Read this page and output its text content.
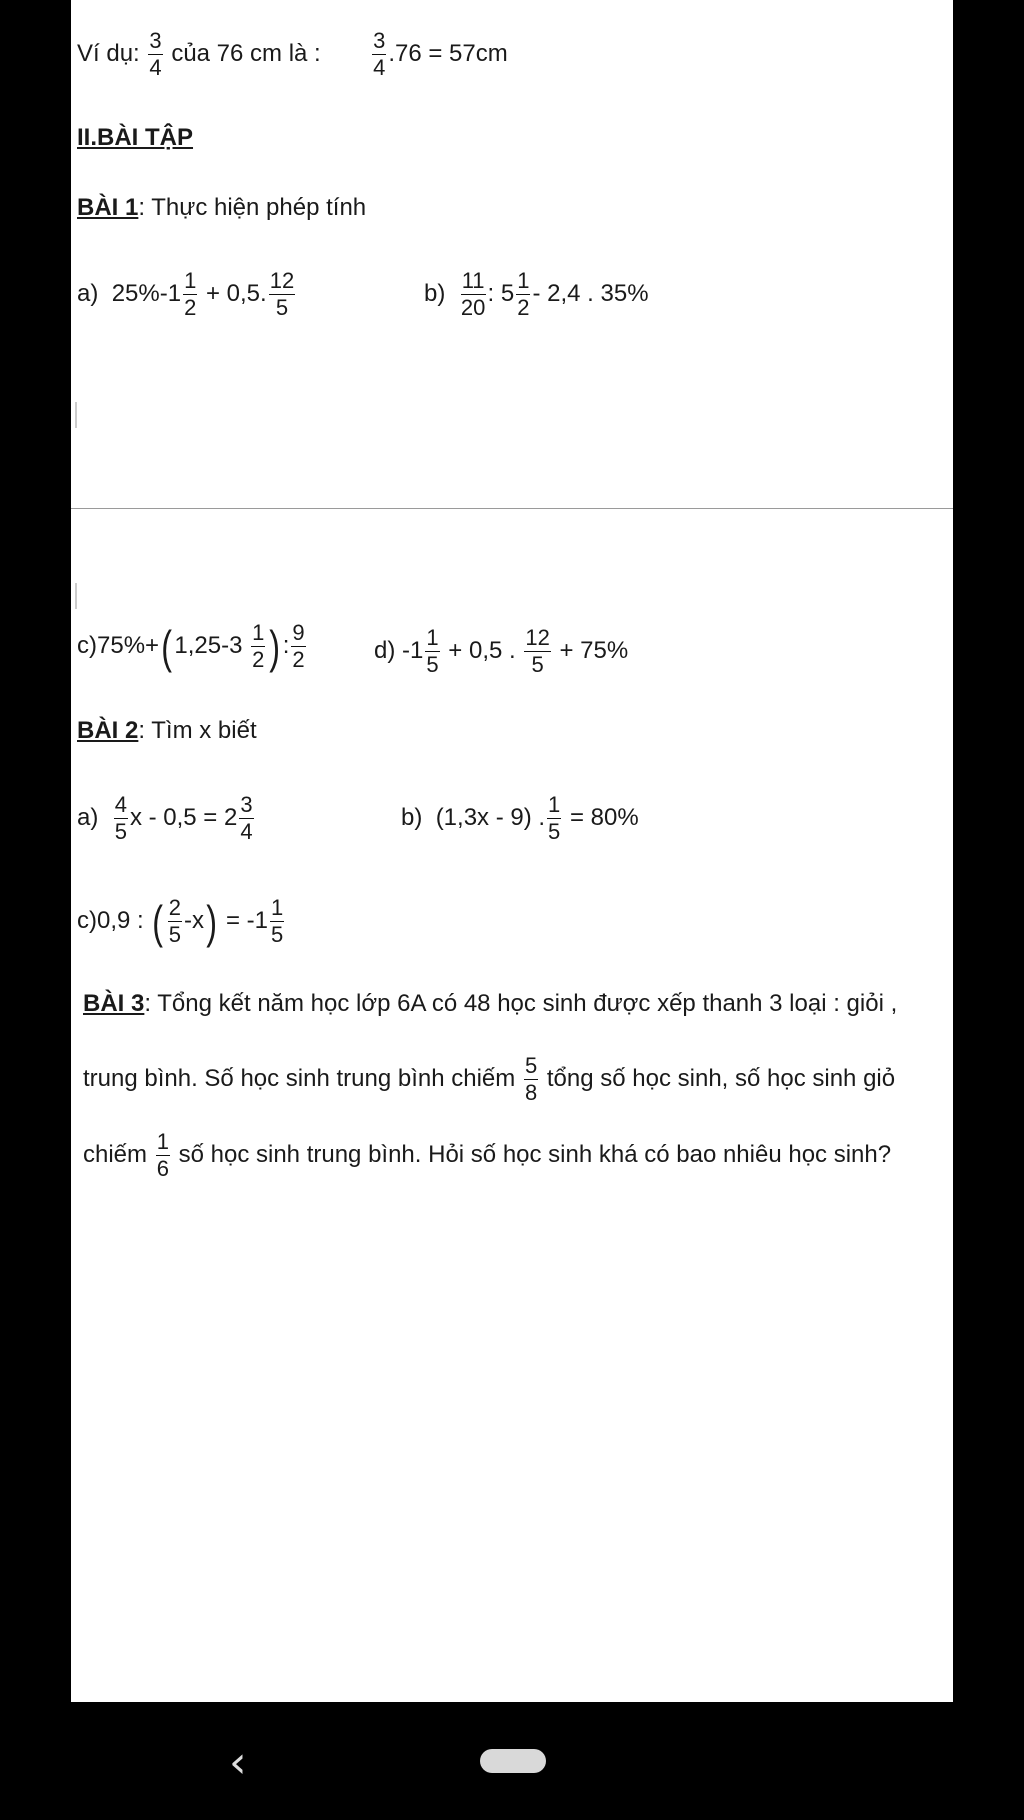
Ví dụ: $\frac{3}{4}$ của 76 cm là : $\frac{3}{4} .76 = 57cm$
II.BÀI TẬP
BÀI 1: Thực hiện phép tính
a) $25\%-1 \frac{1}{2} + 0,5$. $\frac{12}{5}$	$b) \frac{11}{20}$ : $5 \frac{1}{2} - 2,4$ . 35%
$c)75\%+(1,25-3 \frac{1}{2}$ ): $\frac{9}{2}$	d) $-1 \frac{1}{5} + 0,5$ . $\frac{12}{5} + 75\%$
BÀI 2: Tìm x biết
$a) \frac{4}{5}$ $x - 0,5 = 2 \frac{3}{4}$	b) (1,3x - 9) . $\frac{1}{5} = 80\%$
c)0,9 : ( $\frac{2}{5} -x) = -1 \frac{1}{5}$
BÀI 3: Tổng kết năm học lớp 6A có 48 học sinh được xếp thanh 3 loại : giỏi ,
trung bình. Số học sinh trung bình chiếm $\frac{5}{8}$ tổng số học sinh, số học sinh giỏ
chiếm $\frac{1}{6}$ số học sinh trung bình. Hỏi số học sinh khá có bao nhiêu học sinh?
‹
